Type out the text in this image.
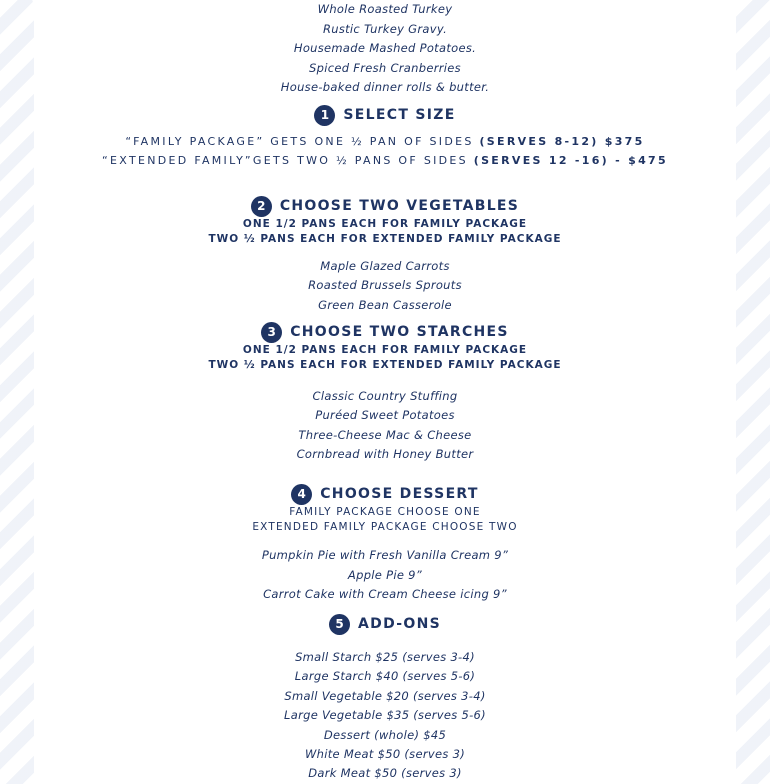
Whole Roasted Turkey
Rustic Turkey Gravy.
Housemade Mashed Potatoes.
Spiced Fresh Cranberries
House-baked dinner rolls & butter.
1	SELECT SIZE
“FAMILY PACKAGE” GETS ONE ½ PAN OF SIDES (SERVES 8-12) $375
“EXTENDED FAMILY”GETS TWO ½ PANS OF SIDES (SERVES 12 -16) - $475
2	CHOOSE TWO VEGETABLES
ONE 1/2 PANS EACH FOR FAMILY PACKAGE
TWO ½ PANS EACH FOR EXTENDED FAMILY PACKAGE
Maple Glazed Carrots
Roasted Brussels Sprouts
Green Bean Casserole
3	CHOOSE TWO STARCHES
ONE 1/2 PANS EACH FOR FAMILY PACKAGE
TWO ½ PANS EACH FOR EXTENDED FAMILY PACKAGE
Classic Country Stuffing
Puréed Sweet Potatoes
Three-Cheese Mac & Cheese
Cornbread with Honey Butter
4	CHOOSE DESSERT
FAMILY PACKAGE CHOOSE ONE
EXTENDED FAMILY PACKAGE CHOOSE TWO
Pumpkin Pie with Fresh Vanilla Cream 9”
Apple Pie 9”
Carrot Cake with Cream Cheese icing 9”
5	ADD-ONS
Small Starch $25 (serves 3-4)
Large Starch $40 (serves 5-6)
Small Vegetable $20 (serves 3-4)
Large Vegetable $35 (serves 5-6)
Dessert (whole) $45
White Meat $50 (serves 3)
Dark Meat $50 (serves 3)
